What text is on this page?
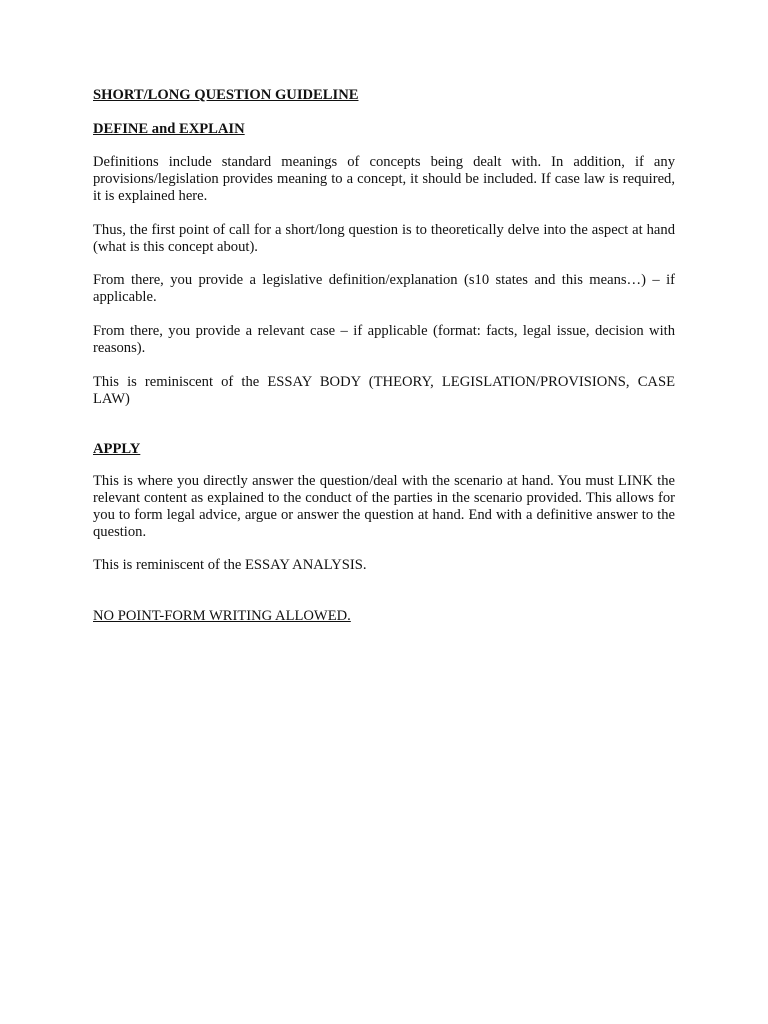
SHORT/LONG QUESTION GUIDELINE

DEFINE and EXPLAIN

Definitions include standard meanings of concepts being dealt with. In addition, if any provisions/legislation provides meaning to a concept, it should be included. If case law is required, it is explained here.

Thus, the first point of call for a short/long question is to theoretically delve into the aspect at hand (what is this concept about).

From there, you provide a legislative definition/explanation (s10 states and this means…) – if applicable.

From there, you provide a relevant case – if applicable (format: facts, legal issue, decision with reasons).

This is reminiscent of the ESSAY BODY (THEORY, LEGISLATION/PROVISIONS, CASE LAW)

APPLY

This is where you directly answer the question/deal with the scenario at hand. You must LINK the relevant content as explained to the conduct of the parties in the scenario provided. This allows for you to form legal advice, argue or answer the question at hand. End with a definitive answer to the question.

This is reminiscent of the ESSAY ANALYSIS.

NO POINT-FORM WRITING ALLOWED.
